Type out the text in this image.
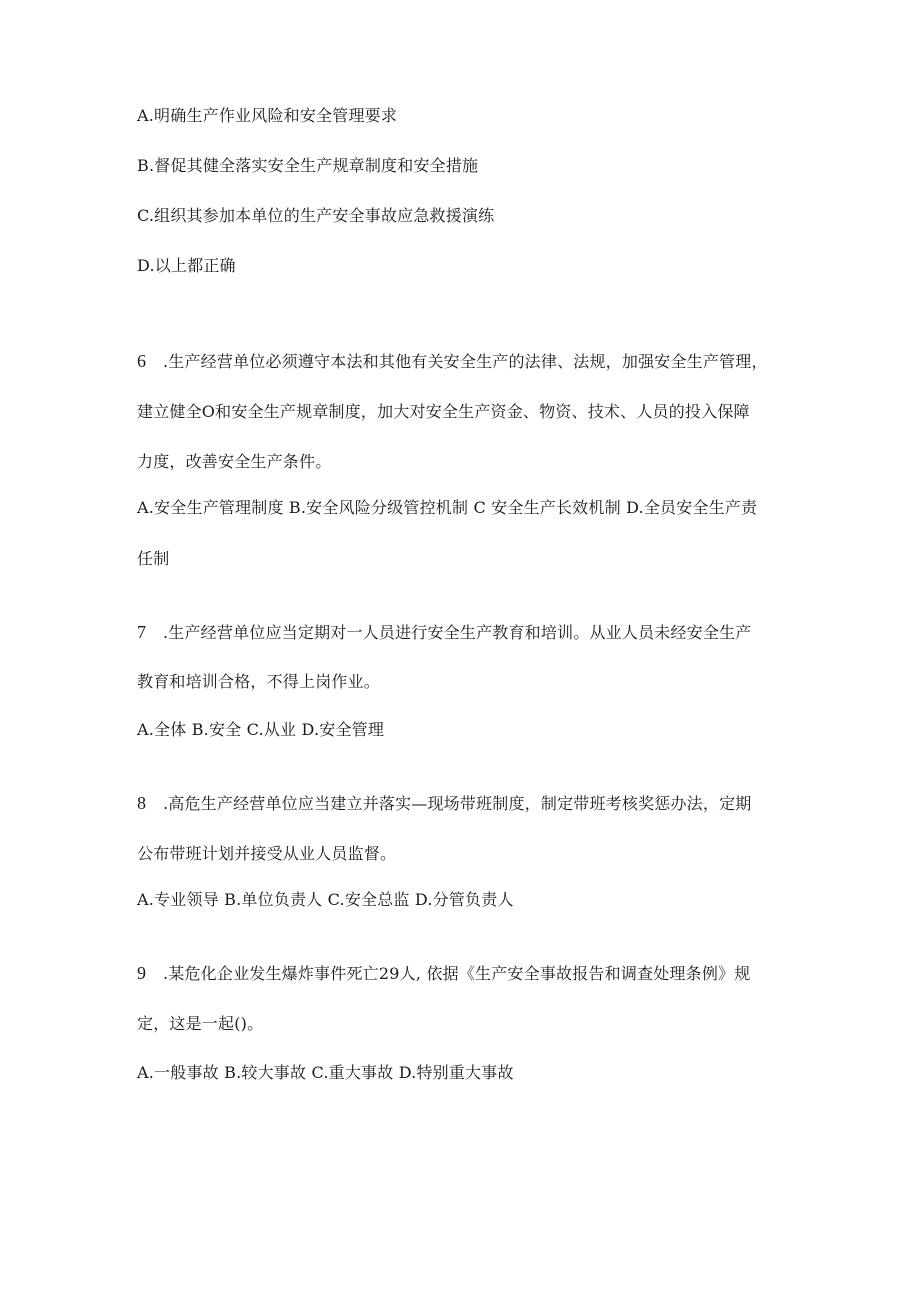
A.明确生产作业风险和安全管理要求
B.督促其健全落实安全生产规章制度和安全措施
C.组织其参加本单位的生产安全事故应急救援演练
D.以上都正确
6 .生产经营单位必须遵守本法和其他有关安全生产的法律、法规，加强安全生产管理，
建立健全O和安全生产规章制度，加大对安全生产资金、物资、技术、人员的投入保障
力度，改善安全生产条件。
A.安全生产管理制度 B.安全风险分级管控机制 C 安全生产长效机制 D.全员安全生产责
任制
7 .生产经营单位应当定期对一人员进行安全生产教育和培训。从业人员未经安全生产
教育和培训合格，不得上岗作业。
A.全体 B.安全 C.从业 D.安全管理
8 .高危生产经营单位应当建立并落实—现场带班制度，制定带班考核奖惩办法，定期
公布带班计划并接受从业人员监督。
A.专业领导 B.单位负责人 C.安全总监 D.分管负责人
9 .某危化企业发生爆炸事件死亡29人, 依据《生产安全事故报告和调查处理条例》规
定，这是一起()。
A.一般事故 B.较大事故 C.重大事故 D.特别重大事故
